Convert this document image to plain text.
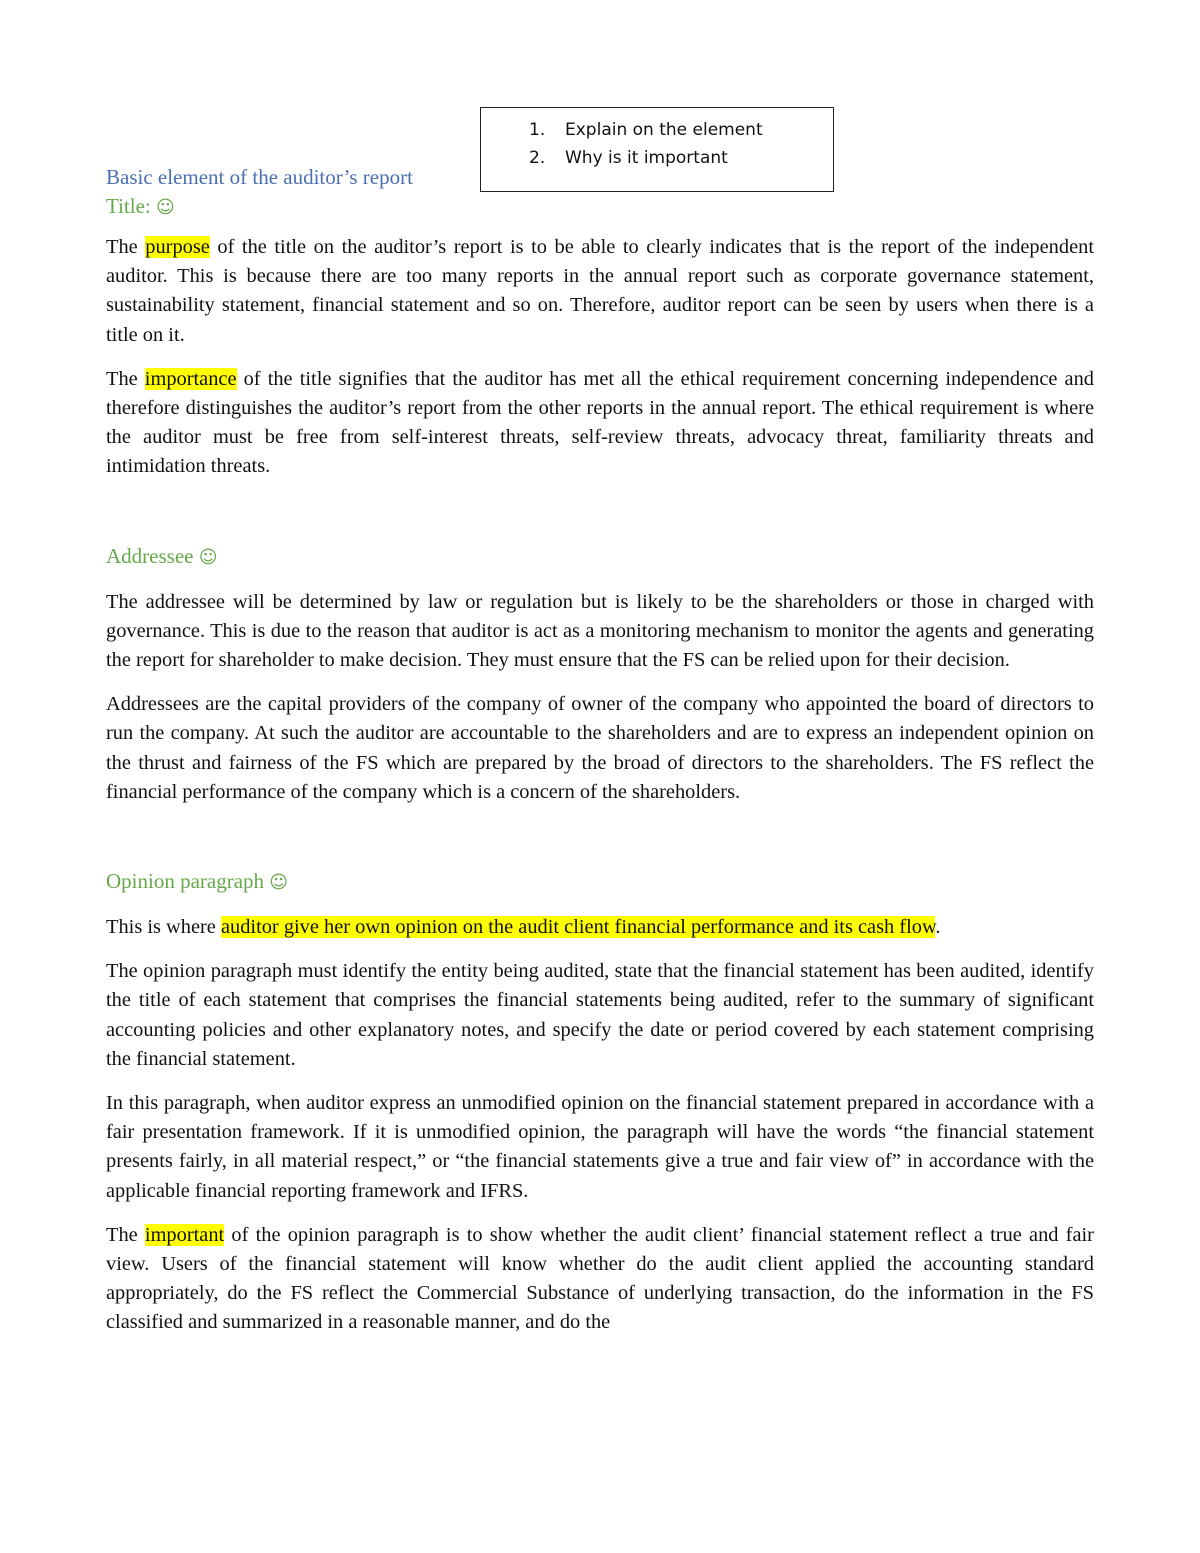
1. Explain on the element
2. Why is it important

Basic element of the auditor’s report

Title: ☺

The purpose of the title on the auditor’s report is to be able to clearly indicates that is the report of the independent auditor. This is because there are too many reports in the annual report such as corporate governance statement, sustainability statement, financial statement and so on. Therefore, auditor report can be seen by users when there is a title on it.

The importance of the title signifies that the auditor has met all the ethical requirement concerning independence and therefore distinguishes the auditor’s report from the other reports in the annual report. The ethical requirement is where the auditor must be free from self-interest threats, self-review threats, advocacy threat, familiarity threats and intimidation threats.

Addressee ☺

The addressee will be determined by law or regulation but is likely to be the shareholders or those in charged with governance. This is due to the reason that auditor is act as a monitoring mechanism to monitor the agents and generating the report for shareholder to make decision. They must ensure that the FS can be relied upon for their decision.

Addressees are the capital providers of the company of owner of the company who appointed the board of directors to run the company. At such the auditor are accountable to the shareholders and are to express an independent opinion on the thrust and fairness of the FS which are prepared by the broad of directors to the shareholders. The FS reflect the financial performance of the company which is a concern of the shareholders.

Opinion paragraph ☺

This is where auditor give her own opinion on the audit client financial performance and its cash flow.

The opinion paragraph must identify the entity being audited, state that the financial statement has been audited, identify the title of each statement that comprises the financial statements being audited, refer to the summary of significant accounting policies and other explanatory notes, and specify the date or period covered by each statement comprising the financial statement.

In this paragraph, when auditor express an unmodified opinion on the financial statement prepared in accordance with a fair presentation framework. If it is unmodified opinion, the paragraph will have the words “the financial statement presents fairly, in all material respect,” or “the financial statements give a true and fair view of” in accordance with the applicable financial reporting framework and IFRS.

The important of the opinion paragraph is to show whether the audit client’ financial statement reflect a true and fair view. Users of the financial statement will know whether do the audit client applied the accounting standard appropriately, do the FS reflect the Commercial Substance of underlying transaction, do the information in the FS classified and summarized in a reasonable manner, and do the
